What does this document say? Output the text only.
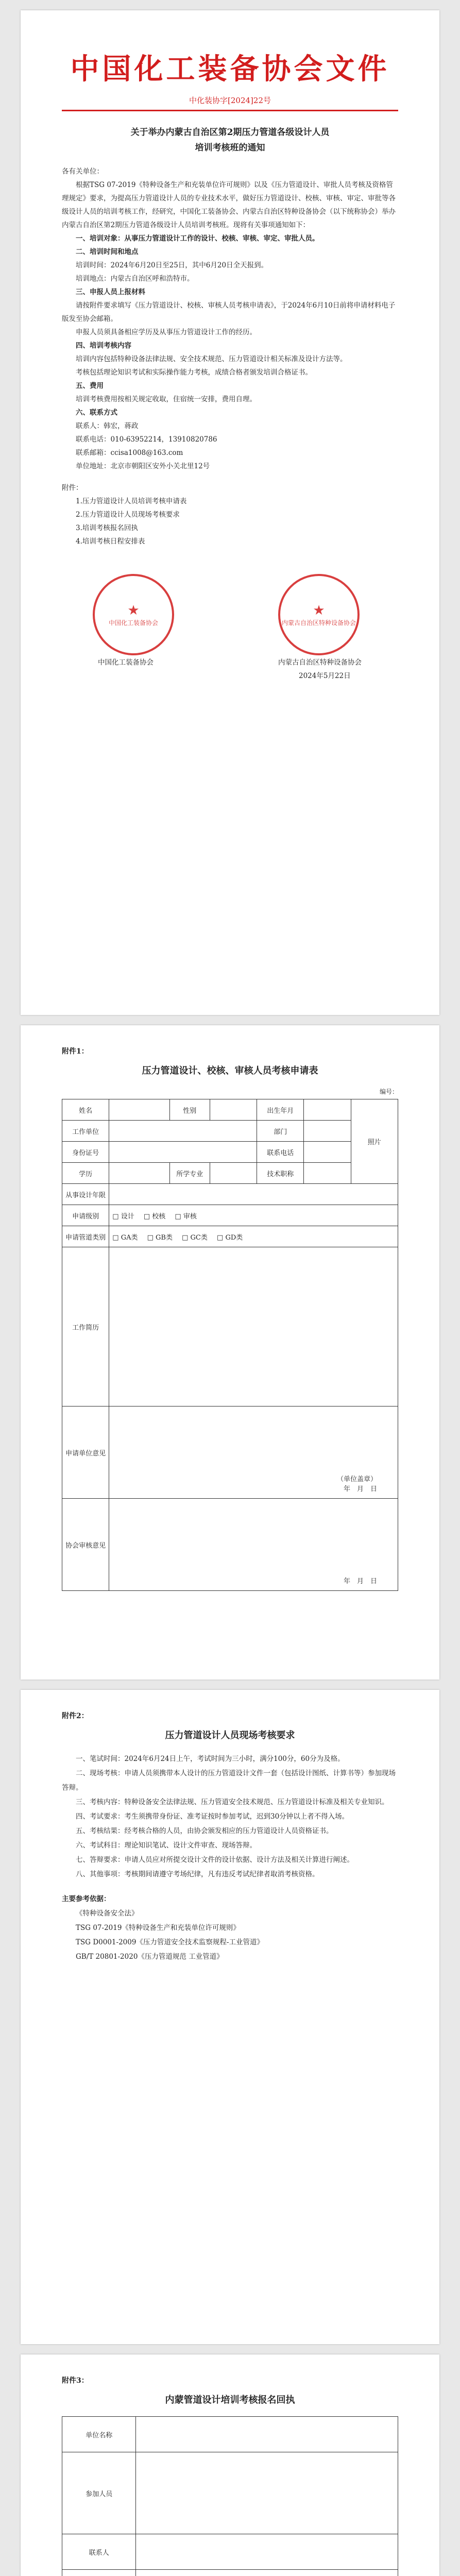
中国化工装备协会文件
中化装协字[2024]22号
关于举办内蒙古自治区第2期压力管道各级设计人员
培训考核班的通知

各有关单位：

根据TSG 07-2019《特种设备生产和充装单位许可规则》以及《压力管道设计、审批人员考核及资格管理规定》要求，为提高压力管道设计人员的专业技术水平，做好压力管道设计、校核、审核、审定、审批等各级设计人员的培训考核工作，经研究，中国化工装备协会、内蒙古自治区特种设备协会（以下统称协会）举办内蒙古自治区第2期压力管道各级设计人员培训考核班。现将有关事项通知如下：

一、培训对象：从事压力管道设计工作的设计、校核、审核、审定、审批人员。

二、培训时间和地点

培训时间：2024年6月20日至25日，其中6月20日全天报到。

培训地点：内蒙古自治区呼和浩特市。

三、申报人员上报材料

请按附件要求填写《压力管道设计、校核、审核人员考核申请表》，于2024年6月10日前将申请材料电子版发至协会邮箱。

申报人员须具备相应学历及从事压力管道设计工作的经历。

四、培训考核内容

培训内容包括特种设备法律法规、安全技术规范、压力管道设计相关标准及设计方法等。

考核包括理论知识考试和实际操作能力考核，成绩合格者颁发培训合格证书。

五、费用

培训考核费用按相关规定收取，住宿统一安排，费用自理。

六、联系方式

联系人：韩宏，蒋政

联系电话：010-63952214，13910820786

联系邮箱：ccisa1008@163.com

单位地址：北京市朝阳区安外小关北里12号

附件：

1.压力管道设计人员培训考核申请表

2.压力管道设计人员现场考核要求

3.培训考核报名回执

4.培训考核日程安排表

★
中国化工装备协会
★
内蒙古自治区特种设备协会
中国化工装备协会	内蒙古自治区特种设备协会
2024年5月22日
附件1：
压力管道设计、校核、审核人员考核申请表
编号：
姓名		性别		出生年月		照片
工作单位				部门		
身份证号				联系电话		
学历		所学专业		技术职称		
从事设计年限						
申请级别	□ 设计 □ 校核 □ 审核					
申请管道类别	□ GA类 □ GB类 □ GC类 □ GD类					
工作简历						
申请单位意见	（单位盖章）
年　月　日					

协会审核意见	年　月　日					
附件2：
压力管道设计人员现场考核要求

一、笔试时间：2024年6月24日上午，考试时间为三小时，满分100分，60分为及格。

二、现场考核：申请人员须携带本人设计的压力管道设计文件一套（包括设计图纸、计算书等）参加现场答辩。

三、考核内容：特种设备安全法律法规、压力管道安全技术规范、压力管道设计标准及相关专业知识。

四、考试要求：考生须携带身份证、准考证按时参加考试，迟到30分钟以上者不得入场。

五、考核结果：经考核合格的人员，由协会颁发相应的压力管道设计人员资格证书。

六、考试科目：理论知识笔试、设计文件审查、现场答辩。

七、答辩要求：申请人员应对所提交设计文件的设计依据、设计方法及相关计算进行阐述。

八、其他事项：考核期间请遵守考场纪律，凡有违反考试纪律者取消考核资格。

主要参考依据：

《特种设备安全法》

TSG 07-2019《特种设备生产和充装单位许可规则》

TSG D0001-2009《压力管道安全技术监察规程-工业管道》

GB/T 20801-2020《压力管道规范 工业管道》

附件3：
内蒙管道设计培训考核报名回执
单位名称	
参加人员	
联系人	
